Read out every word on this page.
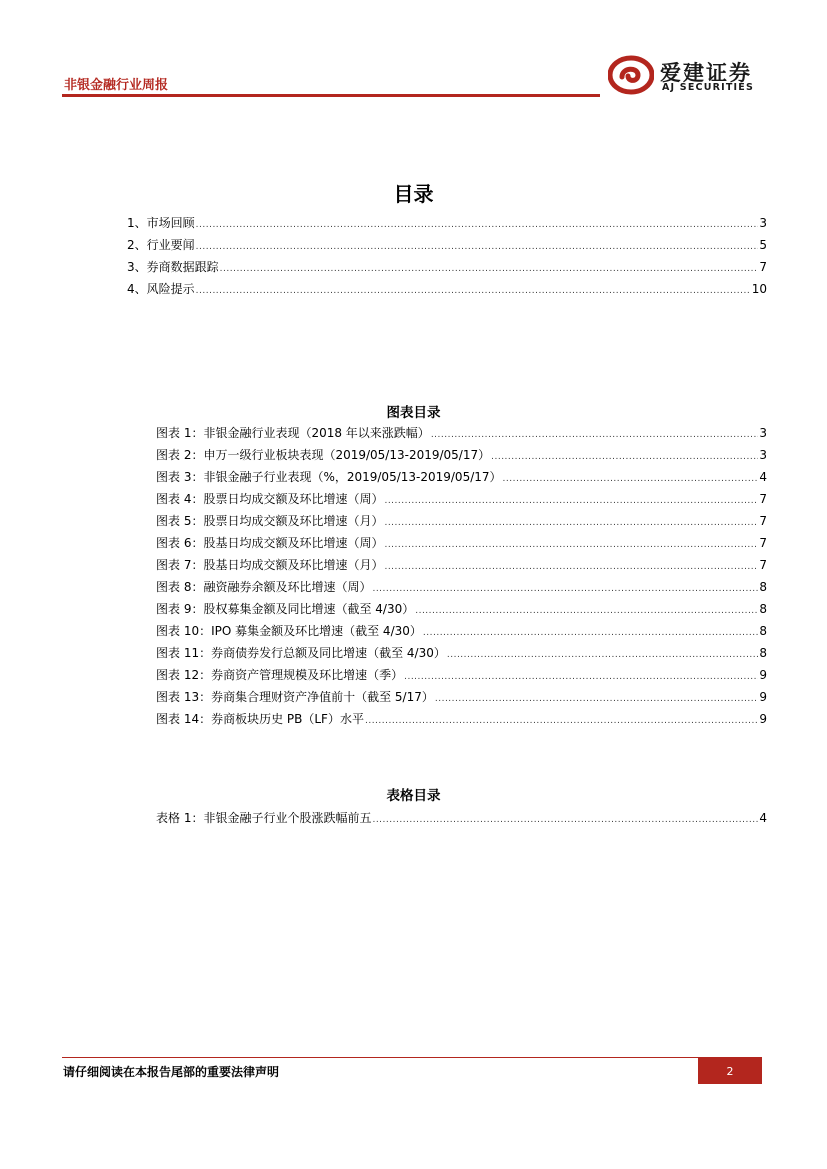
非银金融行业周报
爱建证券
AJ SECURITIES
目录
1、市场回顾 .....	3
2、行业要闻 .....	5
3、券商数据跟踪 .....	7
4、风险提示 .....	10
图表目录
图表 1：非银金融行业表现（2018 年以来涨跌幅） .....	3
图表 2：申万一级行业板块表现（2019/05/13-2019/05/17） .....	3
图表 3：非银金融子行业表现（%，2019/05/13-2019/05/17） .....	4
图表 4：股票日均成交额及环比增速（周） .....	7
图表 5：股票日均成交额及环比增速（月） .....	7
图表 6：股基日均成交额及环比增速（周） .....	7
图表 7：股基日均成交额及环比增速（月） .....	7
图表 8：融资融券余额及环比增速（周） .....	8
图表 9：股权募集金额及同比增速（截至 4/30） .....	8
图表 10：IPO 募集金额及环比增速（截至 4/30） .....	8
图表 11：券商债券发行总额及同比增速（截至 4/30） .....	8
图表 12：券商资产管理规模及环比增速（季） .....	9
图表 13：券商集合理财资产净值前十（截至 5/17） .....	9
图表 14：券商板块历史 PB（LF）水平 .....	9
表格目录
表格 1：非银金融子行业个股涨跌幅前五 .....	4
请仔细阅读在本报告尾部的重要法律声明	2
